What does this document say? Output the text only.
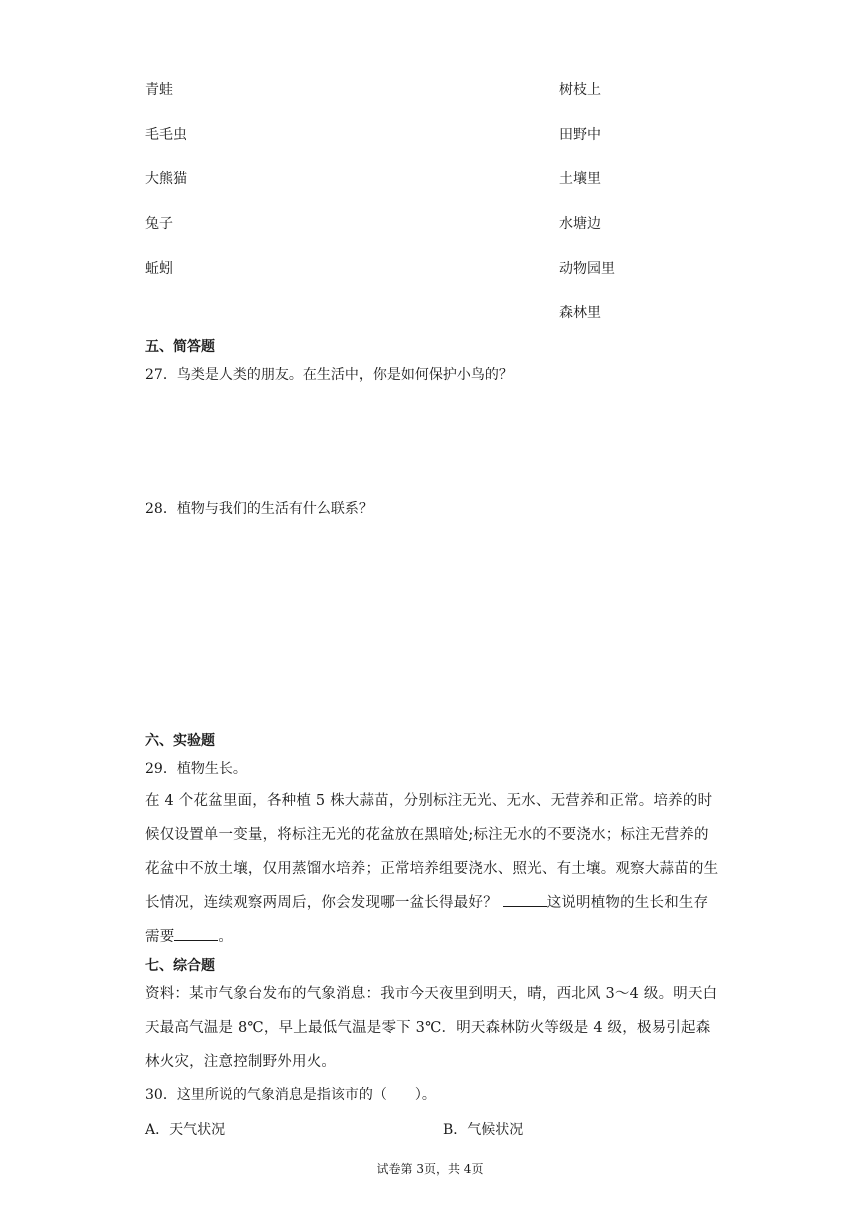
青蛙
毛毛虫
大熊猫
兔子
蚯蚓
树枝上
田野中
土壤里
水塘边
动物园里
森林里
五、简答题
27．鸟类是人类的朋友。在生活中，你是如何保护小鸟的？
28．植物与我们的生活有什么联系？
六、实验题
29．植物生长。
在 4 个花盆里面，各种植 5 株大蒜苗，分别标注无光、无水、无营养和正常。培养的时候仅设置单一变量，将标注无光的花盆放在黑暗处;标注无水的不要浇水；标注无营养的花盆中不放土壤，仅用蒸馏水培养；正常培养组要浇水、照光、有土壤。观察大蒜苗的生长情况，连续观察两周后，你会发现哪一盆长得最好？	这说明植物的生长和生存需要	。
七、综合题
资料：某市气象台发布的气象消息：我市今天夜里到明天，晴，西北风 3～4 级。明天白天最高气温是 8℃，早上最低气温是零下 3℃．明天森林防火等级是 4 级，极易引起森林火灾，注意控制野外用火。
30．这里所说的气象消息是指该市的（　　）。
A．天气状况	B．气候状况
试卷第 3页，共 4页
